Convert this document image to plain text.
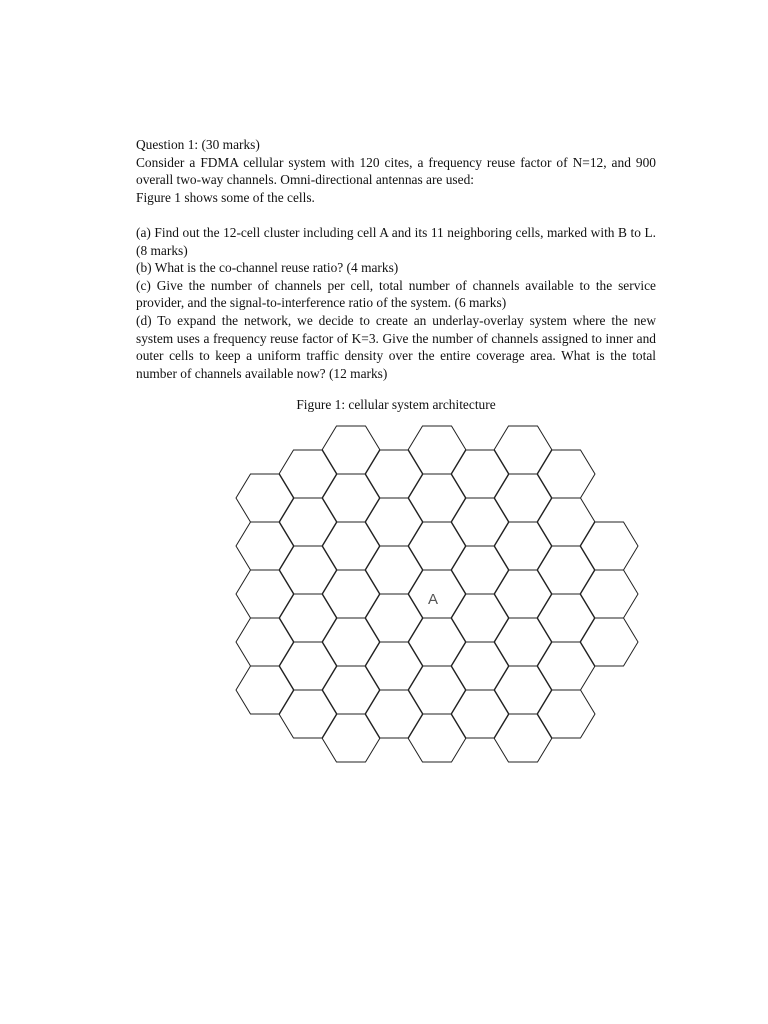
Question 1: (30 marks)

Consider a FDMA cellular system with 120 cites, a frequency reuse factor of N=12, and 900 overall two-way channels. Omni-directional antennas are used:

Figure 1 shows some of the cells.

(a) Find out the 12-cell cluster including cell A and its 11 neighboring cells, marked with B to L. (8 marks)

(b) What is the co-channel reuse ratio? (4 marks)

(c) Give the number of channels per cell, total number of channels available to the service provider, and the signal-to-interference ratio of the system. (6 marks)

(d) To expand the network, we decide to create an underlay-overlay system where the new system uses a frequency reuse factor of K=3. Give the number of channels assigned to inner and outer cells to keep a uniform traffic density over the entire coverage area. What is the total number of channels available now? (12 marks)

Figure 1: cellular system architecture
A
